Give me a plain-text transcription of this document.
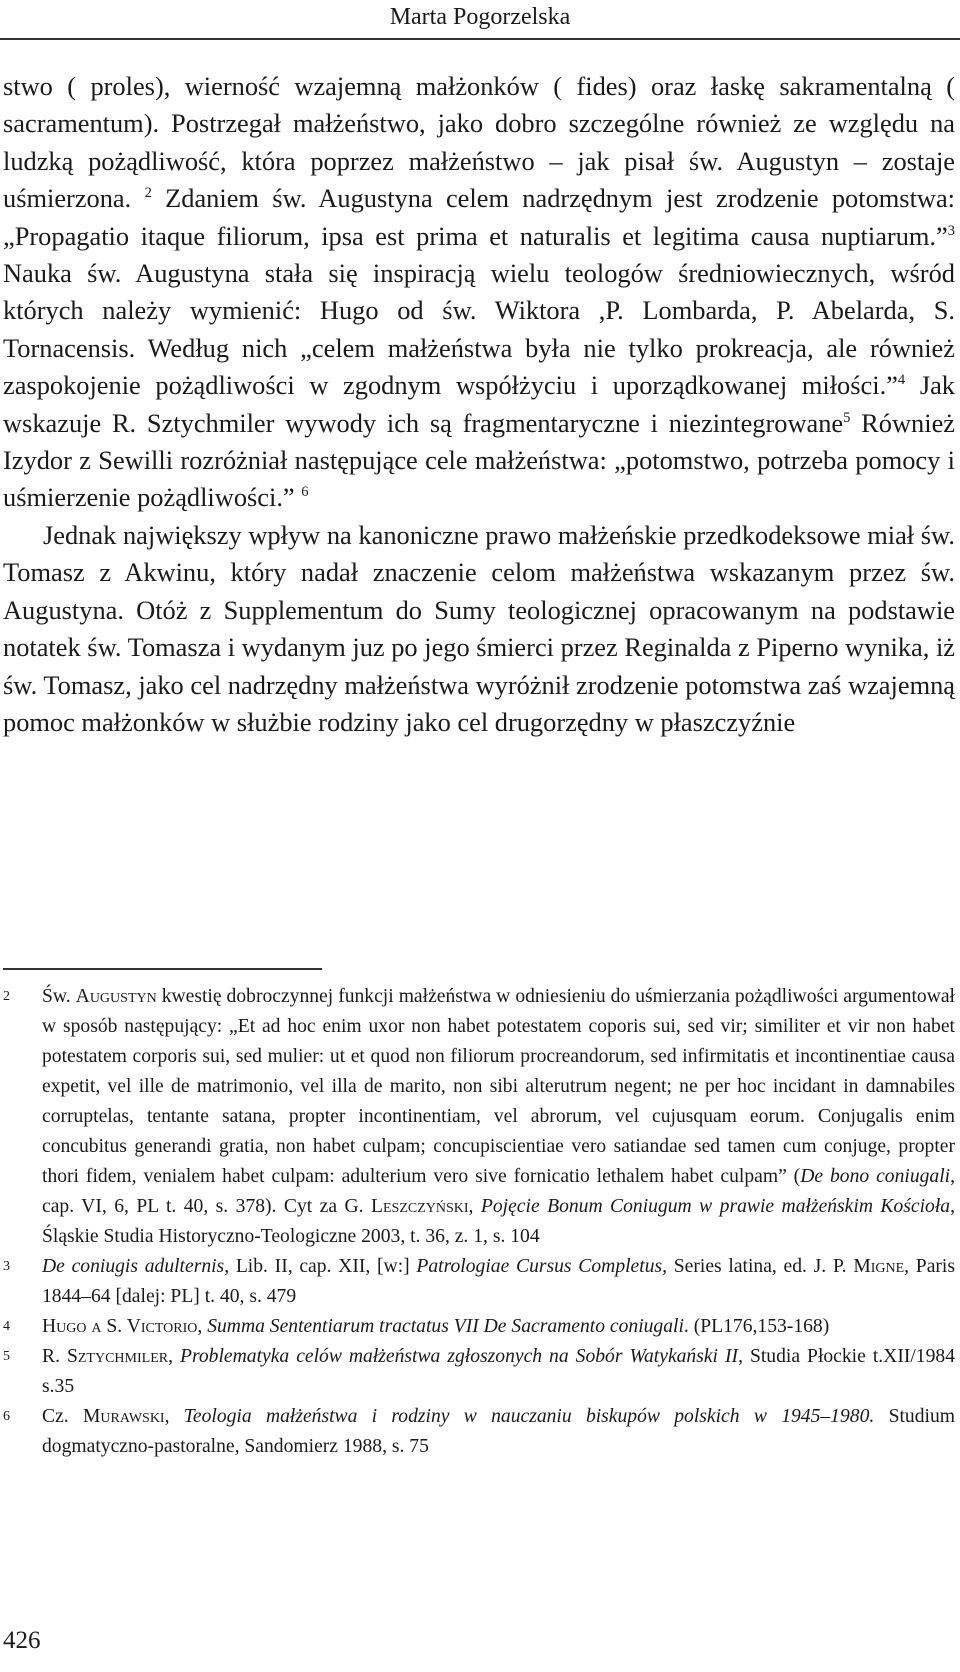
Marta Pogorzelska

stwo ( proles), wierność wzajemną małżonków ( fides) oraz łaskę sakramentalną ( sacramentum). Postrzegał małżeństwo, jako dobro szczególne również ze względu na ludzką pożądliwość, która poprzez małżeństwo – jak pisał św. Augustyn – zostaje uśmierzona. $^2$ Zdaniem św. Augustyna celem nadrzędnym jest zrodzenie potomstwa: „Propagatio itaque filiorum, ipsa est prima et naturalis et legitima causa nuptiarum.”$^3$ Nauka św. Augustyna stała się inspiracją wielu teologów średniowiecznych, wśród których należy wymienić: Hugo od św. Wiktora ,P. Lombarda, P. Abelarda, S. Tornacensis. Według nich „celem małżeństwa była nie tylko prokreacja, ale również zaspokojenie pożądliwości w zgodnym współżyciu i uporządkowanej miłości.”$^4$ Jak wskazuje R. Sztychmiler wywody ich są fragmentaryczne i niezintegrowane$^5$ Również Izydor z Sewilli rozróżniał następujące cele małżeństwa: „potomstwo, potrzeba pomocy i uśmierzenie pożądliwości.” $^6$

Jednak największy wpływ na kanoniczne prawo małżeńskie przedkodeksowe miał św. Tomasz z Akwinu, który nadał znaczenie celom małżeństwa wskazanym przez św. Augustyna. Otóż z Supplementum do Sumy teologicznej opracowanym na podstawie notatek św. Tomasza i wydanym juz po jego śmierci przez Reginalda z Piperno wynika, iż św. Tomasz, jako cel nadrzędny małżeństwa wyróżnił zrodzenie potomstwa zaś wzajemną pomoc małżonków w służbie rodziny jako cel drugorzędny w płaszczyźnie

2	Św. Augustyn kwestię dobroczynnej funkcji małżeństwa w odniesieniu do uśmierzania pożądliwości argumentował w sposób następujący: „Et ad hoc enim uxor non habet potestatem coporis sui, sed vir; similiter et vir non habet potestatem corporis sui, sed mulier: ut et quod non filiorum procreandorum, sed infirmitatis et incontinentiae causa expetit, vel ille de matrimonio, vel illa de marito, non sibi alterutrum negent; ne per hoc incidant in damnabiles corruptelas, tentante satana, propter incontinentiam, vel abrorum, vel cujusquam eorum. Conjugalis enim concubitus generandi gratia, non habet culpam; concupiscientiae vero satiandae sed tamen cum conjuge, propter thori fidem, venialem habet culpam: adulterium vero sive fornicatio lethalem habet culpam” (De bono coniugali, cap. VI, 6, PL t. 40, s. 378). Cyt za G. Leszczyński, Pojęcie Bonum Coniugum w prawie małżeńskim Kościoła, Śląskie Studia Historyczno-Teologiczne 2003, t. 36, z. 1, s. 104
3	De coniugis adulternis, Lib. II, cap. XII, [w:] Patrologiae Cursus Completus, Series latina, ed. J. P. Migne, Paris 1844–64 [dalej: PL] t. 40, s. 479
4	Hugo a S. Victorio, Summa Sententiarum tractatus VII De Sacramento coniugali. (PL176,153-168)
5	R. Sztychmiler, Problematyka celów małżeństwa zgłoszonych na Sobór Watykański II, Studia Płockie t.XII/1984 s.35
6	Cz. Murawski, Teologia małżeństwa i rodziny w nauczaniu biskupów polskich w 1945–1980. Studium dogmatyczno-pastoralne, Sandomierz 1988, s. 75
426
